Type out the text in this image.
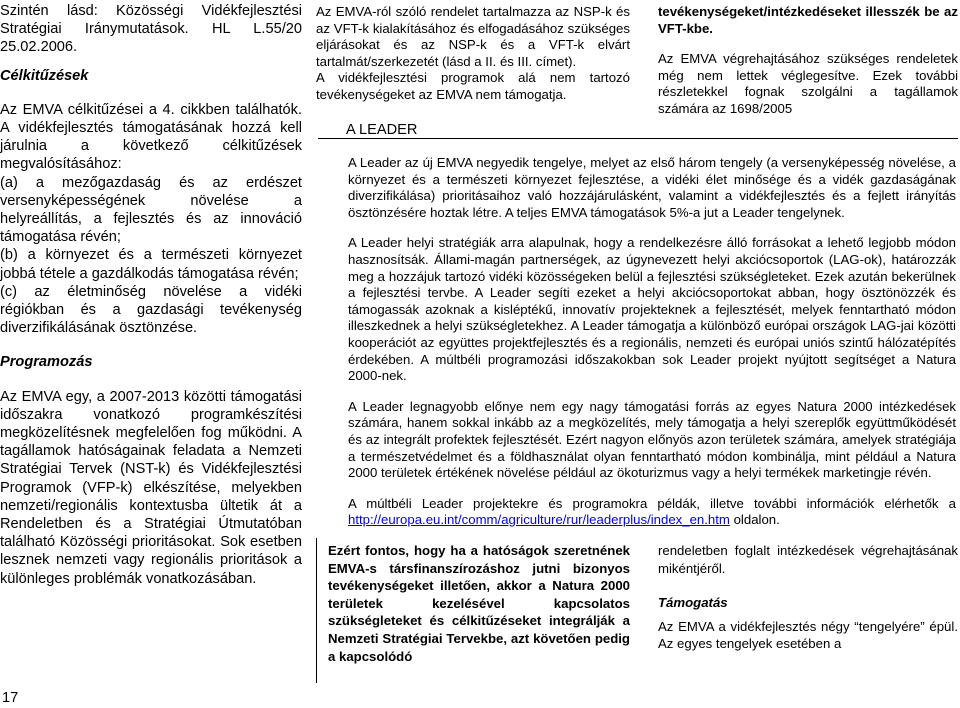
Szintén lásd: Közösségi Vidékfejlesztési Stratégiai Iránymutatások. HL L.55/20 25.02.2006.

Célkitűzések

Az EMVA célkitűzései a 4. cikkben találhatók. A vidékfejlesztés támogatásának hozzá kell járulnia a következő célkitűzések megvalósításához:

(a) a mezőgazdaság és az erdészet versenyképességének növelése a helyreállítás, a fejlesztés és az innováció támogatása révén;

(b) a környezet és a természeti környezet jobbá tétele a gazdálkodás támogatása révén;

(c) az életminőség növelése a vidéki régiókban és a gazdasági tevékenység diverzifikálásának ösztönzése.

Programozás

Az EMVA egy, a 2007-2013 közötti támogatási időszakra vonatkozó programkészítési megközelítésnek megfelelően fog működni. A tagállamok hatóságainak feladata a Nemzeti Stratégiai Tervek (NST-k) és Vidékfejlesztési Programok (VFP-k) elkészítése, melyekben nemzeti/regionális kontextusba ültetik át a Rendeletben és a Stratégiai Útmutatóban található Közösségi prioritásokat. Sok esetben lesznek nemzeti vagy regionális prioritások a különleges problémák vonatkozásában.

17

Az EMVA-ról szóló rendelet tartalmazza az NSP-k és az VFT-k kialakításához és elfogadásához szükséges eljárásokat és az NSP-k és a VFT-k elvárt tartalmát/szerkezetét (lásd a II. és III. címet).

A vidékfejlesztési programok alá nem tartozó tevékenységeket az EMVA nem támogatja.

tevékenységeket/intézkedéseket illesszék be az VFT-kbe.

Az EMVA végrehajtásához szükséges rendeletek még nem lettek véglegesítve. Ezek további részletekkel fognak szolgálni a tagállamok számára az 1698/2005

A LEADER

A Leader az új EMVA negyedik tengelye, melyet az első három tengely (a versenyképesség növelése, a környezet és a természeti környezet fejlesztése, a vidéki élet minősége és a vidék gazdaságának diverzifikálása) prioritásaihoz való hozzájárulásként, valamint a vidékfejlesztés és a fejlett irányítás ösztönzésére hoztak létre. A teljes EMVA támogatások 5%-a jut a Leader tengelynek.

A Leader helyi stratégiák arra alapulnak, hogy a rendelkezésre álló forrásokat a lehető legjobb módon hasznosítsák. Állami-magán partnerségek, az úgynevezett helyi akciócsoportok (LAG-ok), határozzák meg a hozzájuk tartozó vidéki közösségeken belül a fejlesztési szükségleteket. Ezek azután bekerülnek a fejlesztési tervbe. A Leader segíti ezeket a helyi akciócsoportokat abban, hogy ösztönözzék és támogassák azoknak a kisléptékű, innovatív projekteknek a fejlesztését, melyek fenntartható módon illeszkednek a helyi szükségletekhez. A Leader támogatja a különböző európai országok LAG-jai közötti kooperációt az együttes projektfejlesztés és a regionális, nemzeti és európai uniós szintű hálózatépítés érdekében. A múltbéli programozási időszakokban sok Leader projekt nyújtott segítséget a Natura 2000-nek.

A Leader legnagyobb előnye nem egy nagy támogatási forrás az egyes Natura 2000 intézkedések számára, hanem sokkal inkább az a megközelítés, mely támogatja a helyi szereplők együttműködését és az integrált profektek fejlesztését. Ezért nagyon előnyös azon területek számára, amelyek stratégiája a természetvédelmet és a földhasználat olyan fenntartható módon kombinálja, mint például a Natura 2000 területek értékének növelése például az ökoturizmus vagy a helyi termékek marketingje révén.

A múltbéli Leader projektekre és programokra példák, illetve további információk elérhetők a http://europa.eu.int/comm/agriculture/rur/leaderplus/index_en.htm oldalon.

Ezért fontos, hogy ha a hatóságok szeretnének EMVA-s társfinanszírozáshoz jutni bizonyos tevékenységeket illetően, akkor a Natura 2000 területek kezelésével kapcsolatos szükségleteket és célkitűzéseket integrálják a Nemzeti Stratégiai Tervekbe, azt követően pedig a kapcsolódó

rendeletben foglalt intézkedések végrehajtásának mikéntjéről.

Támogatás

Az EMVA a vidékfejlesztés négy “tengelyére” épül. Az egyes tengelyek esetében a
